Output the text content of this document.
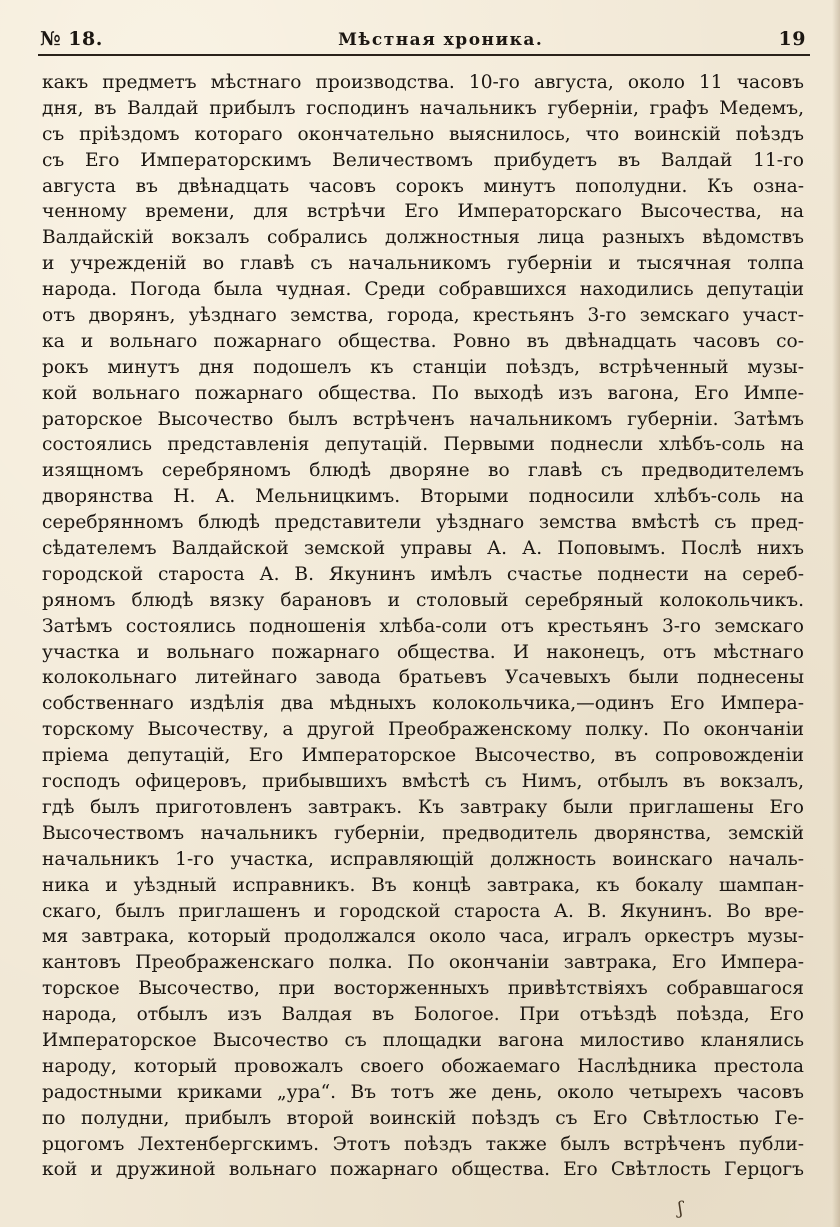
№ 18.	Мѣстная хроника.	19
какъ предметъ мѣстнаго производства. 10-го августа, около 11 часовъ
дня, въ Валдай прибылъ господинъ начальникъ губерніи, графъ Медемъ,
съ пріѣздомъ котораго окончательно выяснилось, что воинскій поѣздъ
съ Его Императорскимъ Величествомъ прибудетъ въ Валдай 11-го
августа въ двѣнадцать часовъ сорокъ минутъ пополудни. Къ озна-
ченному времени, для встрѣчи Его Императорскаго Высочества, на
Валдайскій вокзалъ собрались должностныя лица разныхъ вѣдомствъ
и учрежденій во главѣ съ начальникомъ губерніи и тысячная толпа
народа. Погода была чудная. Среди собравшихся находились депутаціи
отъ дворянъ, уѣзднаго земства, города, крестьянъ 3-го земскаго участ-
ка и вольнаго пожарнаго общества. Ровно въ двѣнадцать часовъ со-
рокъ минутъ дня подошелъ къ станціи поѣздъ, встрѣченный музы-
кой вольнаго пожарнаго общества. По выходѣ изъ вагона, Его Импе-
раторское Высочество былъ встрѣченъ начальникомъ губерніи. Затѣмъ
состоялись представленія депутацій. Первыми поднесли хлѣбъ-соль на
изящномъ серебряномъ блюдѣ дворяне во главѣ съ предводителемъ
дворянства Н. А. Мельницкимъ. Вторыми подносили хлѣбъ-соль на
серебрянномъ блюдѣ представители уѣзднаго земства вмѣстѣ съ пред-
сѣдателемъ Валдайской земской управы А. А. Поповымъ. Послѣ нихъ
городской староста А. В. Якунинъ имѣлъ счастье поднести на сереб-
ряномъ блюдѣ вязку барановъ и столовый серебряный колокольчикъ.
Затѣмъ состоялись подношенія хлѣба-соли отъ крестьянъ 3-го земскаго
участка и вольнаго пожарнаго общества. И наконецъ, отъ мѣстнаго
колокольнаго литейнаго завода братьевъ Усачевыхъ были поднесены
собственнаго издѣлія два мѣдныхъ колокольчика,—одинъ Его Импера-
торскому Высочеству, а другой Преображенскому полку. По окончаніи
пріема депутацій, Его Императорское Высочество, въ сопровожденіи
господъ офицеровъ, прибывшихъ вмѣстѣ съ Нимъ, отбылъ въ вокзалъ,
гдѣ былъ приготовленъ завтракъ. Къ завтраку были приглашены Его
Высочествомъ начальникъ губерніи, предводитель дворянства, земскій
начальникъ 1-го участка, исправляющій должность воинскаго началь-
ника и уѣздный исправникъ. Въ концѣ завтрака, къ бокалу шампан-
скаго, былъ приглашенъ и городской староста А. В. Якунинъ. Во вре-
мя завтрака, который продолжался около часа, игралъ оркестръ музы-
кантовъ Преображенскаго полка. По окончаніи завтрака, Его Импера-
торское Высочество, при восторженныхъ привѣтствіяхъ собравшагося
народа, отбылъ изъ Валдая въ Бологое. При отъѣздѣ поѣзда, Его
Императорское Высочество съ площадки вагона милостиво кланялись
народу, который провожалъ своего обожаемаго Наслѣдника престола
радостными криками „ура“. Въ тотъ же день, около четырехъ часовъ
по полудни, прибылъ второй воинскій поѣздъ съ Его Свѣтлостью Ге-
рцогомъ Лехтенбергскимъ. Этотъ поѣздъ также былъ встрѣченъ публи-
кой и дружиной вольнаго пожарнаго общества. Его Свѣтлость Герцогъ
ʃ
